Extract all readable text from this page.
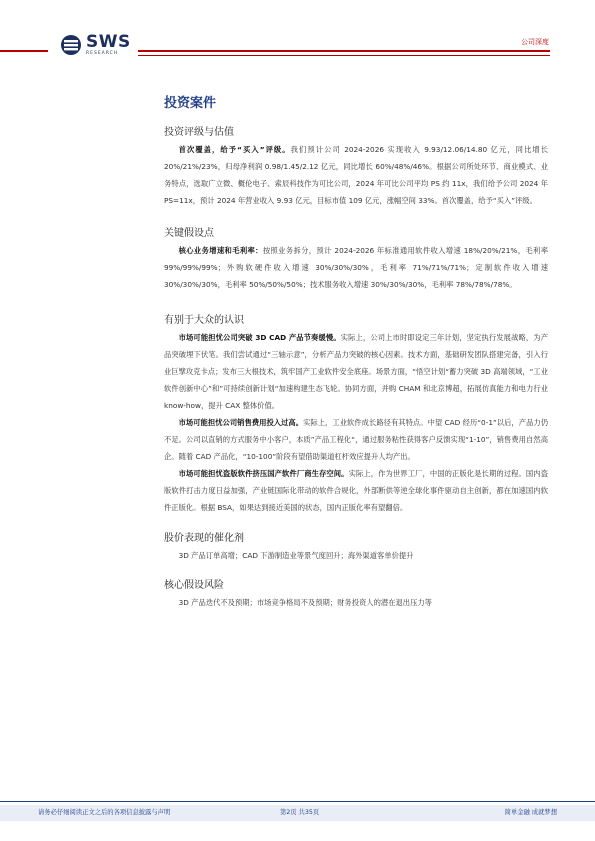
SWS
RESEARCH
公司深度
投资案件
投资评级与估值

首次覆盖，给予“买入”评级。我们预计公司 2024-2026 实现收入 9.93/12.06/14.80 亿元，同比增长 20%/21%/23%，归母净利润 0.98/1.45/2.12 亿元，同比增长 60%/48%/46%。根据公司所处环节、商业模式、业务特点，选取广立微、概伦电子、索辰科技作为可比公司，2024 年可比公司平均 PS 约 11x，我们给予公司 2024 年 PS=11x，预计 2024 年营业收入 9.93 亿元，目标市值 109 亿元，涨幅空间 33%。首次覆盖，给予“买入”评级。

关键假设点

核心业务增速和毛利率：按照业务拆分，预计 2024-2026 年标准通用软件收入增速 18%/20%/21%，毛利率 99%/99%/99%；外购软硬件收入增速 30%/30%/30%，毛利率 71%/71%/71%；定制软件收入增速 30%/30%/30%，毛利率 50%/50%/50%；技术服务收入增速 30%/30%/30%，毛利率 78%/78%/78%。

有别于大众的认识

市场可能担忧公司突破 3D CAD 产品节奏缓慢。实际上，公司上市时即设定三年计划，坚定执行发展战略，为产品突破埋下伏笔。我们尝试通过“三轴示意”，分析产品力突破的核心因素。技术方面，基础研发团队搭建完备，引入行业巨擘攻克卡点；发布三大根技术，筑牢国产工业软件安全底座。场景方面，“悟空计划“蓄力突破 3D 高端领域，“工业软件创新中心”和”可持续创新计划“加速构建生态飞轮。协同方面，并购 CHAM 和北京博超，拓展仿真能力和电力行业 know-how，提升 CAX 整体价值。

市场可能担忧公司销售费用投入过高。实际上，工业软件成长路径有其特点。中望 CAD 经历“0-1”以后，产品力仍不足。公司以直销的方式服务中小客户，本质”产品工程化“，通过服务粘性获得客户反馈实现“1-10”，销售费用自然高企。随着 CAD 产品化，“10-100”阶段有望借助渠道杠杆效应提升人均产出。

市场可能担忧盗版软件挤压国产软件厂商生存空间。实际上，作为世界工厂，中国的正版化是长期的过程。国内盗版软件打击力度日益加强，产业链国际化带动的软件合规化，外部断供等逆全球化事件驱动自主创新，都在加速国内软件正版化。根据 BSA，如果达到接近美国的状态，国内正版化率有望翻倍。

股价表现的催化剂

3D 产品订单高增；CAD 下游制造业等景气度回升；海外渠道客单价提升

核心假设风险

3D 产品迭代不及预期；市场竞争格局不及预期；财务投资人的潜在退出压力等

请务必仔细阅读正文之后的各项信息披露与声明	第2页 共35页	简单金融 成就梦想
